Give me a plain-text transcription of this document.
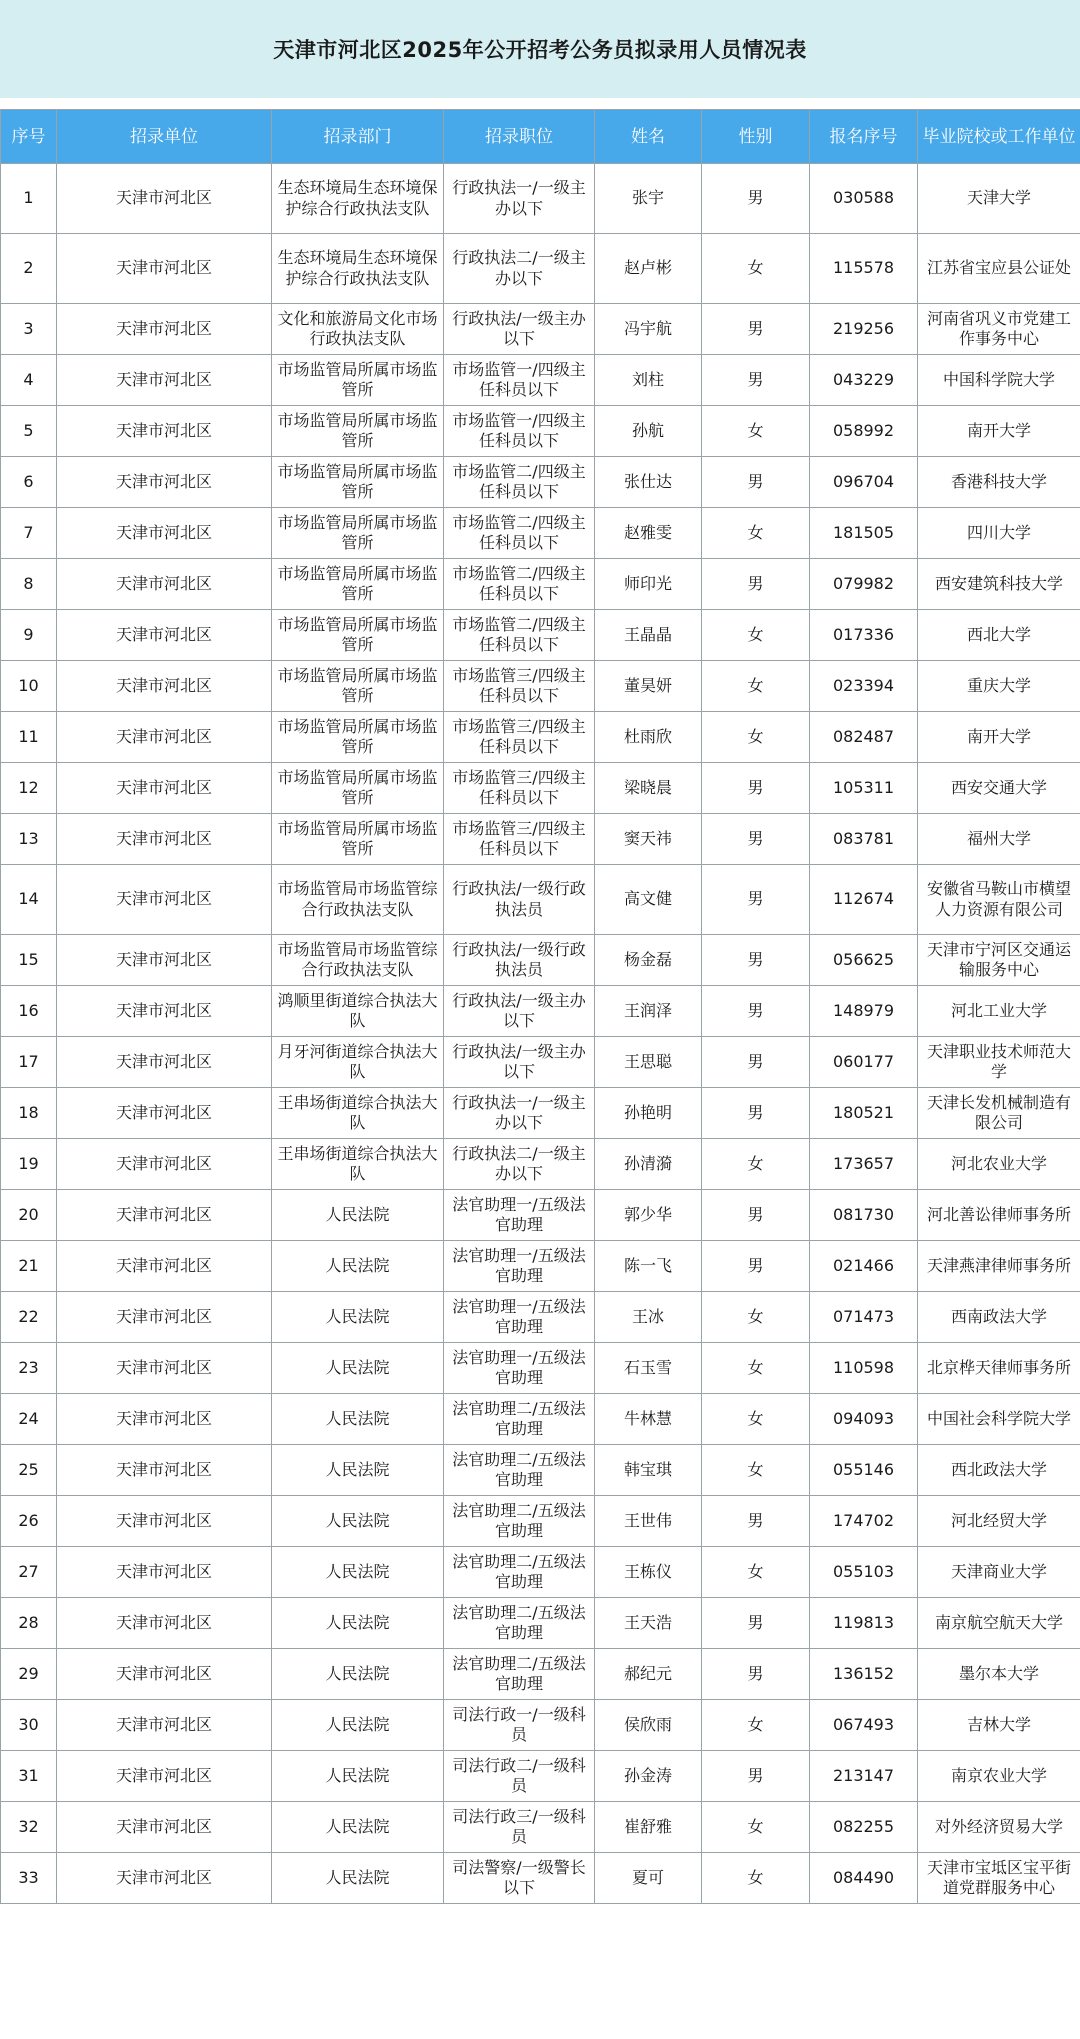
天津市河北区2025年公开招考公务员拟录用人员情况表
序号	招录单位	招录部门	招录职位	姓名	性别	报名序号	毕业院校或工作单位
1	天津市河北区	生态环境局生态环境保护综合行政执法支队	行政执法一/一级主办以下	张宇	男	030588	天津大学
2	天津市河北区	生态环境局生态环境保护综合行政执法支队	行政执法二/一级主办以下	赵卢彬	女	115578	江苏省宝应县公证处
3	天津市河北区	文化和旅游局文化市场行政执法支队	行政执法/一级主办以下	冯宇航	男	219256	河南省巩义市党建工作事务中心
4	天津市河北区	市场监管局所属市场监管所	市场监管一/四级主任科员以下	刘柱	男	043229	中国科学院大学
5	天津市河北区	市场监管局所属市场监管所	市场监管一/四级主任科员以下	孙航	女	058992	南开大学
6	天津市河北区	市场监管局所属市场监管所	市场监管二/四级主任科员以下	张仕达	男	096704	香港科技大学
7	天津市河北区	市场监管局所属市场监管所	市场监管二/四级主任科员以下	赵雅雯	女	181505	四川大学
8	天津市河北区	市场监管局所属市场监管所	市场监管二/四级主任科员以下	师印光	男	079982	西安建筑科技大学
9	天津市河北区	市场监管局所属市场监管所	市场监管二/四级主任科员以下	王晶晶	女	017336	西北大学
10	天津市河北区	市场监管局所属市场监管所	市场监管三/四级主任科员以下	董昊妍	女	023394	重庆大学
11	天津市河北区	市场监管局所属市场监管所	市场监管三/四级主任科员以下	杜雨欣	女	082487	南开大学
12	天津市河北区	市场监管局所属市场监管所	市场监管三/四级主任科员以下	梁晓晨	男	105311	西安交通大学
13	天津市河北区	市场监管局所属市场监管所	市场监管三/四级主任科员以下	窦天祎	男	083781	福州大学
14	天津市河北区	市场监管局市场监管综合行政执法支队	行政执法/一级行政执法员	高文健	男	112674	安徽省马鞍山市横望人力资源有限公司
15	天津市河北区	市场监管局市场监管综合行政执法支队	行政执法/一级行政执法员	杨金磊	男	056625	天津市宁河区交通运输服务中心
16	天津市河北区	鸿顺里街道综合执法大队	行政执法/一级主办以下	王润泽	男	148979	河北工业大学
17	天津市河北区	月牙河街道综合执法大队	行政执法/一级主办以下	王思聪	男	060177	天津职业技术师范大学
18	天津市河北区	王串场街道综合执法大队	行政执法一/一级主办以下	孙艳明	男	180521	天津长发机械制造有限公司
19	天津市河北区	王串场街道综合执法大队	行政执法二/一级主办以下	孙清漪	女	173657	河北农业大学
20	天津市河北区	人民法院	法官助理一/五级法官助理	郭少华	男	081730	河北善讼律师事务所
21	天津市河北区	人民法院	法官助理一/五级法官助理	陈一飞	男	021466	天津燕津律师事务所
22	天津市河北区	人民法院	法官助理一/五级法官助理	王冰	女	071473	西南政法大学
23	天津市河北区	人民法院	法官助理一/五级法官助理	石玉雪	女	110598	北京桦天律师事务所
24	天津市河北区	人民法院	法官助理二/五级法官助理	牛林慧	女	094093	中国社会科学院大学
25	天津市河北区	人民法院	法官助理二/五级法官助理	韩宝琪	女	055146	西北政法大学
26	天津市河北区	人民法院	法官助理二/五级法官助理	王世伟	男	174702	河北经贸大学
27	天津市河北区	人民法院	法官助理二/五级法官助理	王栋仪	女	055103	天津商业大学
28	天津市河北区	人民法院	法官助理二/五级法官助理	王天浩	男	119813	南京航空航天大学
29	天津市河北区	人民法院	法官助理二/五级法官助理	郝纪元	男	136152	墨尔本大学
30	天津市河北区	人民法院	司法行政一/一级科员	侯欣雨	女	067493	吉林大学
31	天津市河北区	人民法院	司法行政二/一级科员	孙金涛	男	213147	南京农业大学
32	天津市河北区	人民法院	司法行政三/一级科员	崔舒雅	女	082255	对外经济贸易大学
33	天津市河北区	人民法院	司法警察/一级警长以下	夏可	女	084490	天津市宝坻区宝平街道党群服务中心
